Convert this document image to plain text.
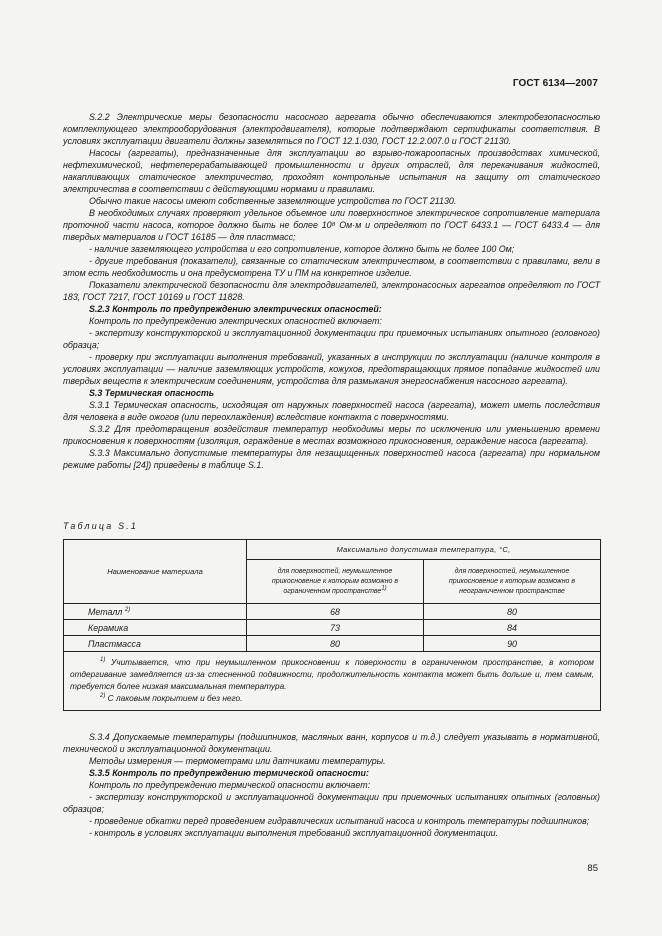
ГОСТ 6134—2007

S.2.2 Электрические меры безопасности насосного агрегата обычно обеспечиваются электробезопасностью комплектующего электрооборудования (электродвигателя), которые подтверждают сертификаты соответствия. В условиях эксплуатации двигатели должны заземляться по ГОСТ 12.1.030, ГОСТ 12.2.007.0 и ГОСТ 21130.

Насосы (агрегаты), предназначенные для эксплуатации во взрыво-пожароопасных производствах химической, нефтехимической, нефтеперерабатывающей промышленности и других отраслей, для перекачивания жидкостей, накапливающих статическое электричество, проходят контрольные испытания на защиту от статического электричества в соответствии с действующими нормами и правилами.

Обычно такие насосы имеют собственные заземляющие устройства по ГОСТ 21130.

В необходимых случаях проверяют удельное объемное или поверхностное электрическое сопротивление материала проточной части насоса, которое должно быть не более 10⁸ Ом·м и определяют по ГОСТ 6433.1 — ГОСТ 6433.4 — для твердых материалов и ГОСТ 16185 — для пластмасс;

- наличие заземляющего устройства и его сопротивление, которое должно быть не более 100 Ом;

- другие требования (показатели), связанные со статическим электричеством, в соответствии с правилами, вели в этом есть необходимость и она предусмотрена ТУ и ПМ на конкретное изделие.

Показатели электрической безопасности для электродвигателей, электронасосных агрегатов определяют по ГОСТ 183, ГОСТ 7217, ГОСТ 10169 и ГОСТ 11828.

S.2.3 Контроль по предупреждению электрических опасностей:

Контроль по предупреждению электрических опасностей включает:

- экспертизу конструкторской и эксплуатационной документации при приемочных испытаниях опытного (головного) образца;

- проверку при эксплуатации выполнения требований, указанных в инструкции по эксплуатации (наличие контроля в условиях эксплуатации — наличие заземляющих устройств, кожухов, предотвращающих прямое попадание жидкостей или твердых веществ к электрическим соединениям, устройства для размыкания энергоснабжения насосного агрегата).

S.3 Термическая опасность

S.3.1 Термическая опасность, исходящая от наружных поверхностей насоса (агрегата), может иметь последствия для человека в виде ожогов (или переохлаждения) вследствие контакта с поверхностями.

S.3.2 Для предотвращения воздействия температур необходимы меры по исключению или уменьшению времени прикосновения к поверхностям (изоляция, ограждение в местах возможного прикосновения, ограждение насоса (агрегата).

S.3.3 Максимально допустимые температуры для незащищенных поверхностей насоса (агрегата) при нормальном режиме работы [24]) приведены в таблице S.1.

Таблица S.1
Наименование материала	Максимально допустимая температура, °С,	
	для поверхностей, неумышленное прикосновение к которым возможно в ограниченном пространстве$^{1)}$	для поверхностей, неумышленное прикосновение к которым возможно в неограниченном пространстве
Металл $^{2)}$	68	80
Керамика	73	84
Пластмасса	80	90

$^{1)}$ Учитывается, что при неумышленном прикосновении к поверхности в ограниченном пространстве, в котором отдергивание замедляется из-за стесненной подвижности, продолжительность контакта может быть дольше и, тем самым, требуется более низкая максимальная температура.

$^{2)}$ С лаковым покрытием и без него.		

S.3.4 Допускаемые температуры (подшипников, масляных ванн, корпусов и т.д.) следует указывать в нормативной, технической и эксплуатационной документации.

Методы измерения — термометрами или датчиками температуры.

S.3.5 Контроль по предупреждению термической опасности:

Контроль по предупреждению термической опасности включает:

- экспертизу конструкторской и эксплуатационной документации при приемочных испытаниях опытных (головных) образцов;

- проведение обкатки перед проведением гидравлических испытаний насоса и контроль температуры подшипников;

- контроль в условиях эксплуатации выполнения требований эксплуатационной документации.

85
